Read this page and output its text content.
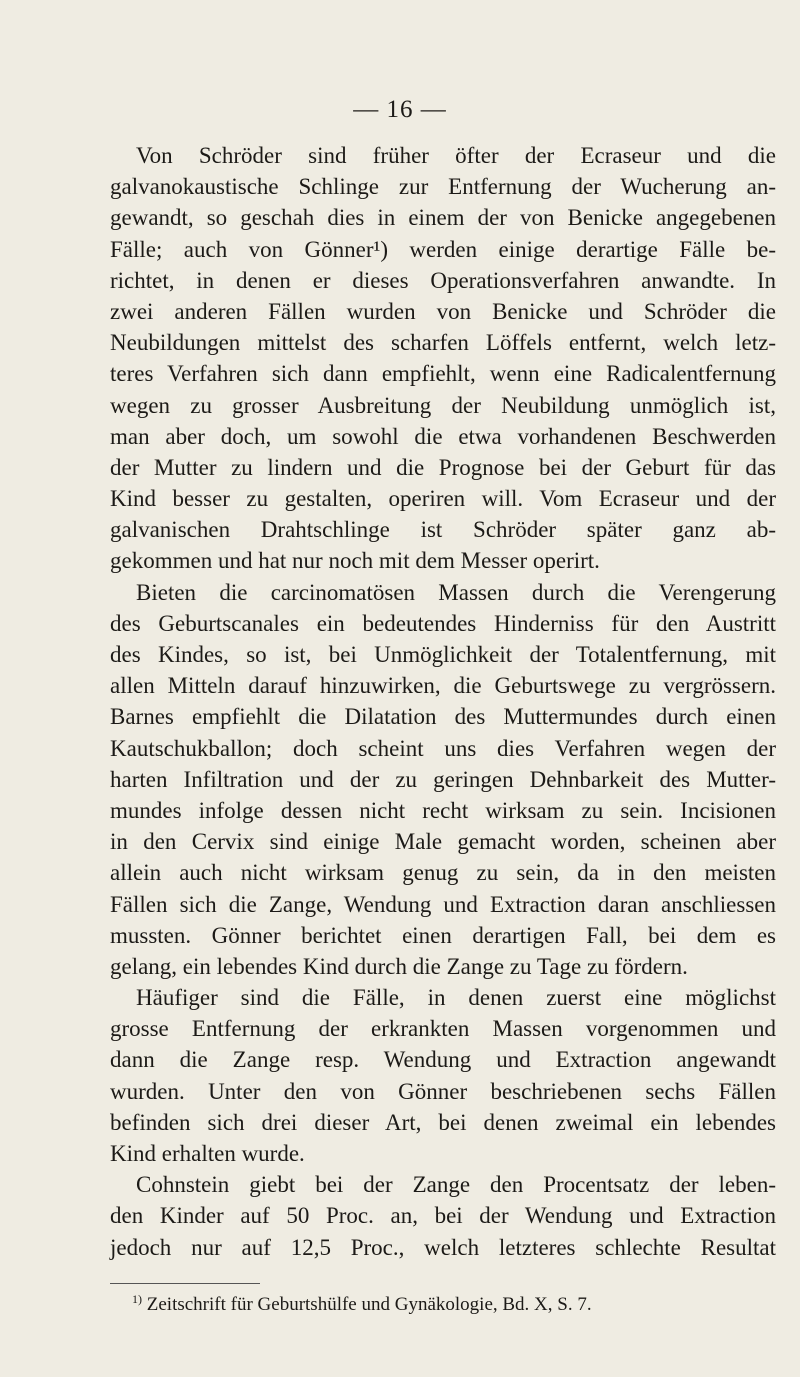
— 16 —
Von Schröder sind früher öfter der Ecraseur und die
galvanokaustische Schlinge zur Entfernung der Wucherung an-
gewandt, so geschah dies in einem der von Benicke angegebenen
Fälle; auch von Gönner¹) werden einige derartige Fälle be-
richtet, in denen er dieses Operationsverfahren anwandte. In
zwei anderen Fällen wurden von Benicke und Schröder die
Neubildungen mittelst des scharfen Löffels entfernt, welch letz-
teres Verfahren sich dann empfiehlt, wenn eine Radicalentfernung
wegen zu grosser Ausbreitung der Neubildung unmöglich ist,
man aber doch, um sowohl die etwa vorhandenen Beschwerden
der Mutter zu lindern und die Prognose bei der Geburt für das
Kind besser zu gestalten, operiren will. Vom Ecraseur und der
galvanischen Drahtschlinge ist Schröder später ganz ab-
gekommen und hat nur noch mit dem Messer operirt.
Bieten die carcinomatösen Massen durch die Verengerung
des Geburtscanales ein bedeutendes Hinderniss für den Austritt
des Kindes, so ist, bei Unmöglichkeit der Totalentfernung, mit
allen Mitteln darauf hinzuwirken, die Geburtswege zu vergrössern.
Barnes empfiehlt die Dilatation des Muttermundes durch einen
Kautschukballon; doch scheint uns dies Verfahren wegen der
harten Infiltration und der zu geringen Dehnbarkeit des Mutter-
mundes infolge dessen nicht recht wirksam zu sein. Incisionen
in den Cervix sind einige Male gemacht worden, scheinen aber
allein auch nicht wirksam genug zu sein, da in den meisten
Fällen sich die Zange, Wendung und Extraction daran anschliessen
mussten. Gönner berichtet einen derartigen Fall, bei dem es
gelang, ein lebendes Kind durch die Zange zu Tage zu fördern.
Häufiger sind die Fälle, in denen zuerst eine möglichst
grosse Entfernung der erkrankten Massen vorgenommen und
dann die Zange resp. Wendung und Extraction angewandt
wurden. Unter den von Gönner beschriebenen sechs Fällen
befinden sich drei dieser Art, bei denen zweimal ein lebendes
Kind erhalten wurde.
Cohnstein giebt bei der Zange den Procentsatz der leben-
den Kinder auf 50 Proc. an, bei der Wendung und Extraction
jedoch nur auf 12,5 Proc., welch letzteres schlechte Resultat
$^{1)}$ Zeitschrift für Geburtshülfe und Gynäkologie, Bd. X, S. 7.
